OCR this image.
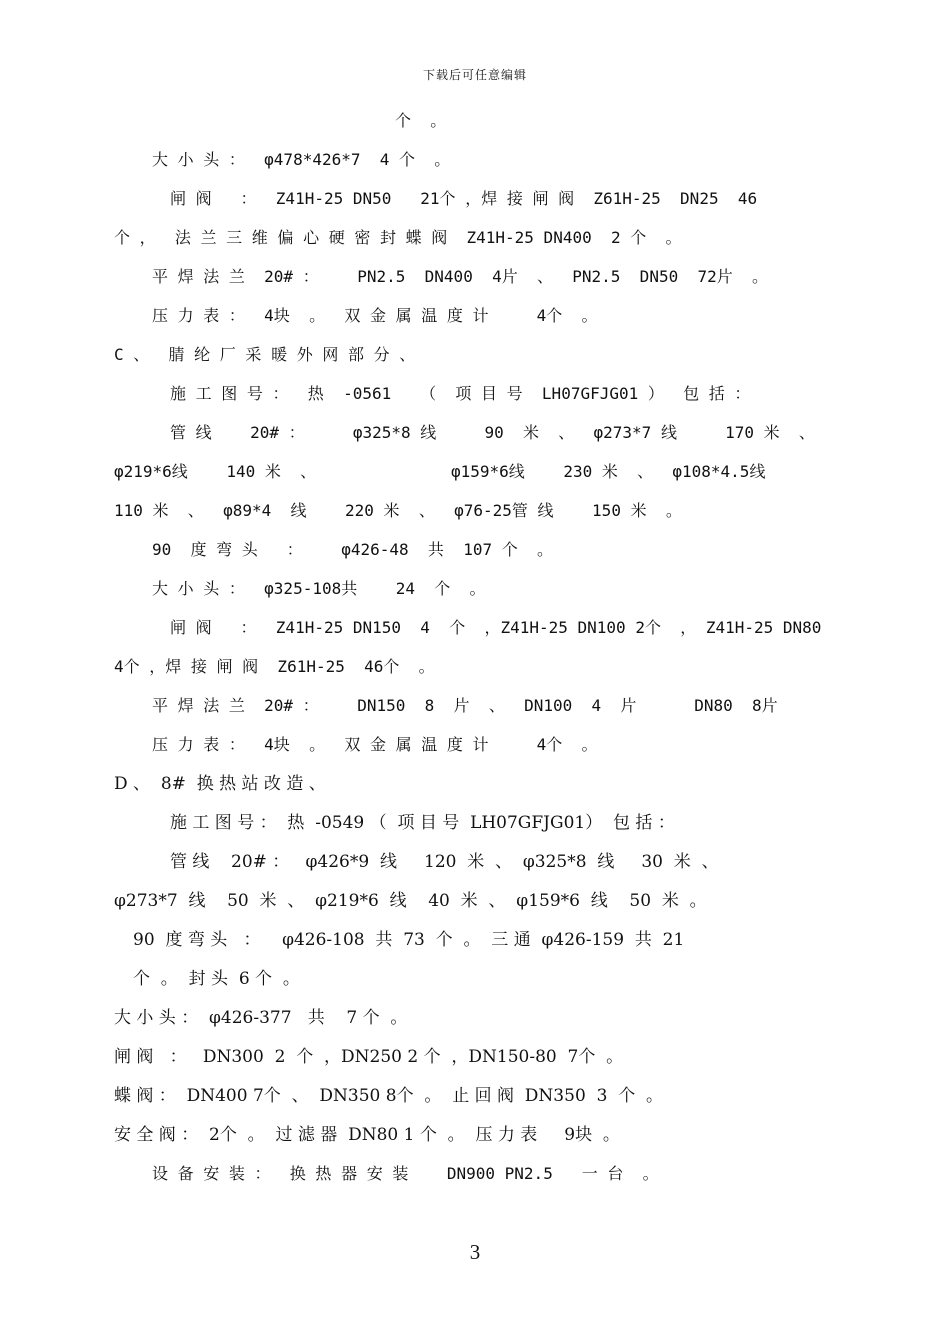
下载后可任意编辑
个  。
大 小 头 ：  φ478*426*7  4 个  。
闸 阀   ：  Z41H-25 DN50   21个 ，焊 接 闸 阀  Z61H-25  DN25  46
个 ，  法 兰 三 维 偏 心 硬 密 封 蝶 阀  Z41H-25 DN400  2 个  。
平 焊 法 兰  20# ：    PN2.5  DN400  4片  、  PN2.5  DN50  72片  。
压 力 表 ：  4块  。  双 金 属 温 度 计     4个  。
C 、  腈 纶 厂 采 暖 外 网 部 分 、
施 工 图 号 ：  热  -0561   （  项 目 号  LH07GFJG01 ）  包 括 ：
管 线    20# ：     φ325*8 线     90  米  、  φ273*7 线     170 米  、
φ219*6线    140 米  、              φ159*6线    230 米  、  φ108*4.5线
110 米  、  φ89*4  线    220 米  、  φ76-25管 线    150 米  。
90  度 弯 头   ：    φ426-48  共  107 个  。
大 小 头 ：  φ325-108共    24  个  。
闸 阀   ：  Z41H-25 DN150  4  个  ，Z41H-25 DN100 2个  ， Z41H-25 DN80
4个 ，焊 接 闸 阀  Z61H-25  46个  。
平 焊 法 兰  20# ：    DN150  8  片  、  DN100  4  片      DN80  8片
压 力 表 ：  4块  。  双 金 属 温 度 计     4个  。
D 、  8#  换 热 站 改 造 、
施 工 图 号 ：  热  -0549 （  项 目 号  LH07GFJG01）  包 括 ：
管 线    20# ：   φ426*9  线     120  米  、  φ325*8  线     30  米  、
φ273*7  线    50  米  、  φ219*6  线    40  米  、  φ159*6  线    50  米  。
90  度 弯 头   ：    φ426-108  共  73  个  。  三 通  φ426-159  共  21
个  。  封 头  6 个  。
大 小 头 ：  φ426-377   共    7 个  。
闸 阀   ：   DN300  2  个  ，DN250 2 个  ，DN150-80  7个  。
蝶 阀 ：  DN400 7个  、  DN350 8个  。  止 回 阀  DN350  3  个  。
安 全 阀 ：  2个  。  过 滤 器  DN80 1 个  。  压 力 表     9块  。
设 备 安 装 ：  换 热 器 安 装    DN900 PN2.5   一 台  。
3
